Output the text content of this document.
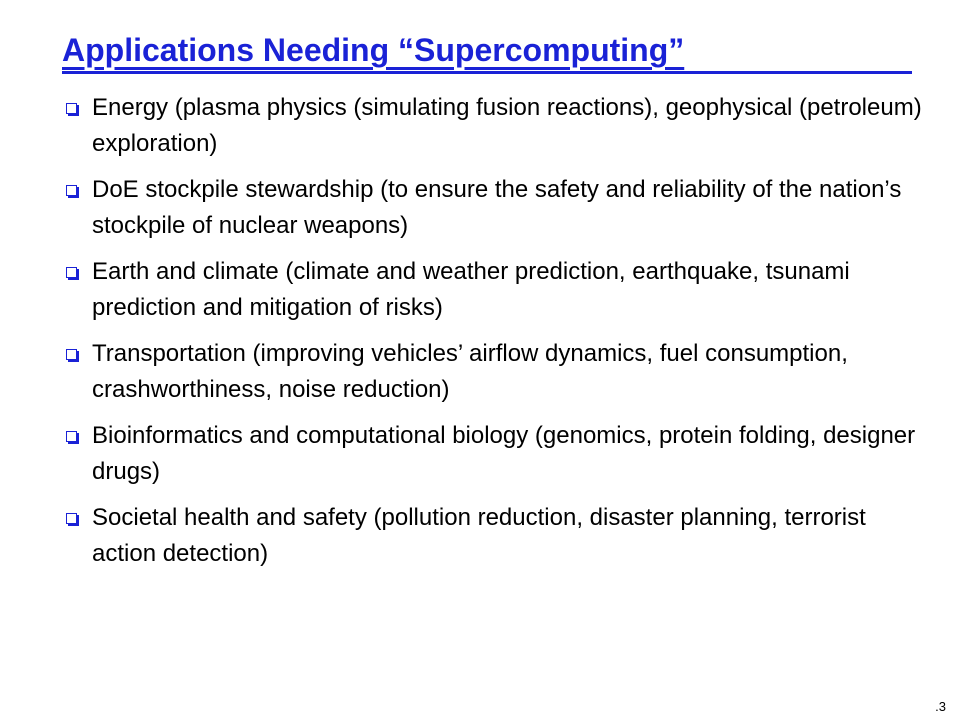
Applications Needing “Supercomputing”
Energy (plasma physics (simulating fusion reactions), geophysical (petroleum) exploration)
DoE stockpile stewardship (to ensure the safety and reliability of the nation’s stockpile of nuclear weapons)
Earth and climate (climate and weather prediction, earthquake, tsunami prediction and mitigation of risks)
Transportation (improving vehicles’ airflow dynamics, fuel consumption, crashworthiness, noise reduction)
Bioinformatics and computational biology (genomics, protein folding, designer drugs)
Societal health and safety (pollution reduction, disaster planning, terrorist action detection)
.3
